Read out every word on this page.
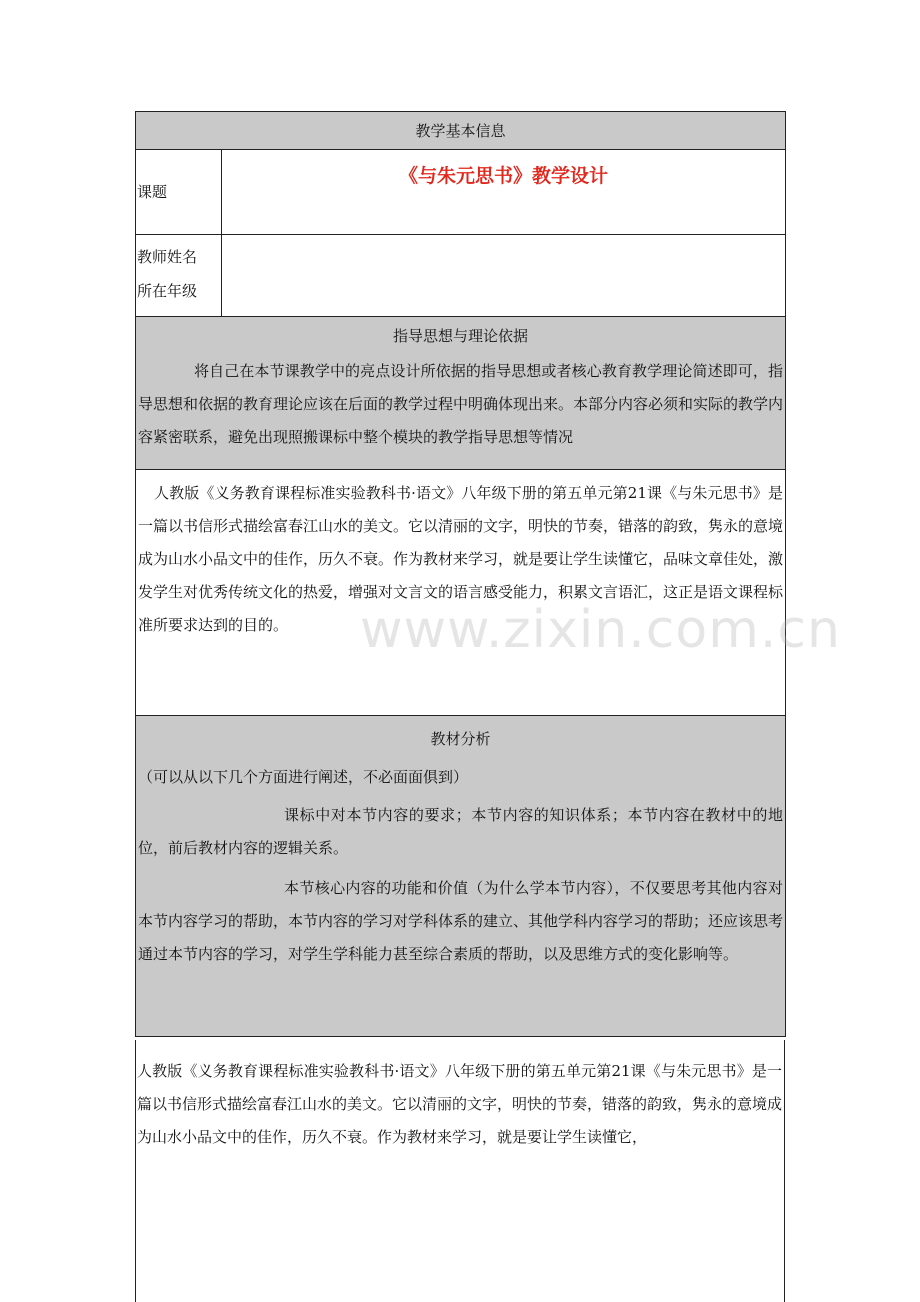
教学基本信息
课题
《与朱元思书》教学设计
教师姓名
所在年级
指导思想与理论依据
将自己在本节课教学中的亮点设计所依据的指导思想或者核心教育教学理论简述即可，指导思想和依据的教育理论应该在后面的教学过程中明确体现出来。本部分内容必须和实际的教学内容紧密联系，避免出现照搬课标中整个模块的教学指导思想等情况
人教版《义务教育课程标准实验教科书·语文》八年级下册的第五单元第21课《与朱元思书》是一篇以书信形式描绘富春江山水的美文。它以清丽的文字，明快的节奏，错落的韵致，隽永的意境成为山水小品文中的佳作，历久不衰。作为教材来学习，就是要让学生读懂它，品味文章佳处，激发学生对优秀传统文化的热爱，增强对文言文的语言感受能力，积累文言语汇，这正是语文课程标准所要求达到的目的。
教材分析
（可以从以下几个方面进行阐述，不必面面俱到）
课标中对本节内容的要求；本节内容的知识体系；本节内容在教材中的地位，前后教材内容的逻辑关系。
本节核心内容的功能和价值（为什么学本节内容），不仅要思考其他内容对本节内容学习的帮助，本节内容的学习对学科体系的建立、其他学科内容学习的帮助；还应该思考通过本节内容的学习，对学生学科能力甚至综合素质的帮助，以及思维方式的变化影响等。
人教版《义务教育课程标准实验教科书·语文》八年级下册的第五单元第21课《与朱元思书》是一篇以书信形式描绘富春江山水的美文。它以清丽的文字，明快的节奏，错落的韵致，隽永的意境成为山水小品文中的佳作，历久不衰。作为教材来学习，就是要让学生读懂它，
www.zixin.com.cn
